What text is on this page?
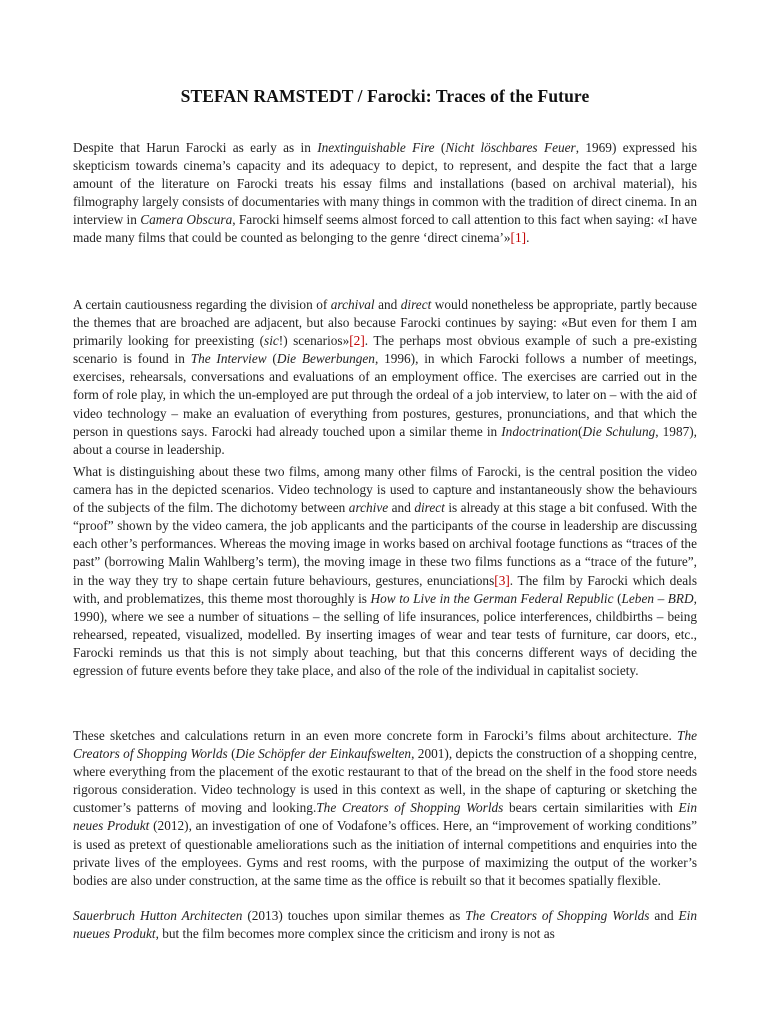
STEFAN RAMSTEDT / Farocki: Traces of the Future

Despite that Harun Farocki as early as in Inextinguishable Fire (Nicht löschbares Feuer, 1969) expressed his skepticism towards cinema’s capacity and its adequacy to depict, to represent, and despite the fact that a large amount of the literature on Farocki treats his essay films and installations (based on archival material), his filmography largely consists of documentaries with many things in common with the tradition of direct cinema. In an interview in Camera Obscura, Farocki himself seems almost forced to call attention to this fact when saying: «I have made many films that could be counted as belonging to the genre ‘direct cinema’»[1].

A certain cautiousness regarding the division of archival and direct would nonetheless be appropriate, partly because the themes that are broached are adjacent, but also because Farocki continues by saying: «But even for them I am primarily looking for preexisting (sic!) scenarios»[2]. The perhaps most obvious example of such a pre-existing scenario is found in The Interview (Die Bewerbungen, 1996), in which Farocki follows a number of meetings, exercises, rehearsals, conversations and evaluations of an employment office. The exercises are carried out in the form of role play, in which the un-employed are put through the ordeal of a job interview, to later on – with the aid of video technology – make an evaluation of everything from postures, gestures, pronunciations, and that which the person in questions says. Farocki had already touched upon a similar theme in Indoctrination(Die Schulung, 1987), about a course in leadership.

What is distinguishing about these two films, among many other films of Farocki, is the central position the video camera has in the depicted scenarios. Video technology is used to capture and instantaneously show the behaviours of the subjects of the film. The dichotomy between archive and direct is already at this stage a bit confused. With the “proof” shown by the video camera, the job applicants and the participants of the course in leadership are discussing each other’s performances. Whereas the moving image in works based on archival footage functions as “traces of the past” (borrowing Malin Wahlberg’s term), the moving image in these two films functions as a “trace of the future”, in the way they try to shape certain future behaviours, gestures, enunciations[3]. The film by Farocki which deals with, and problematizes, this theme most thoroughly is How to Live in the German Federal Republic (Leben – BRD, 1990), where we see a number of situations – the selling of life insurances, police interferences, childbirths – being rehearsed, repeated, visualized, modelled. By inserting images of wear and tear tests of furniture, car doors, etc., Farocki reminds us that this is not simply about teaching, but that this concerns different ways of deciding the egression of future events before they take place, and also of the role of the individual in capitalist society.

These sketches and calculations return in an even more concrete form in Farocki’s films about architecture. The Creators of Shopping Worlds (Die Schöpfer der Einkaufswelten, 2001), depicts the construction of a shopping centre, where everything from the placement of the exotic restaurant to that of the bread on the shelf in the food store needs rigorous consideration. Video technology is used in this context as well, in the shape of capturing or sketching the customer’s patterns of moving and looking.The Creators of Shopping Worlds bears certain similarities with Ein neues Produkt (2012), an investigation of one of Vodafone’s offices. Here, an “improvement of working conditions” is used as pretext of questionable ameliorations such as the initiation of internal competitions and enquiries into the private lives of the employees. Gyms and rest rooms, with the purpose of maximizing the output of the worker’s bodies are also under construction, at the same time as the office is rebuilt so that it becomes spatially flexible.

Sauerbruch Hutton Architecten (2013) touches upon similar themes as The Creators of Shopping Worlds and Ein nueues Produkt, but the film becomes more complex since the criticism and irony is not as
